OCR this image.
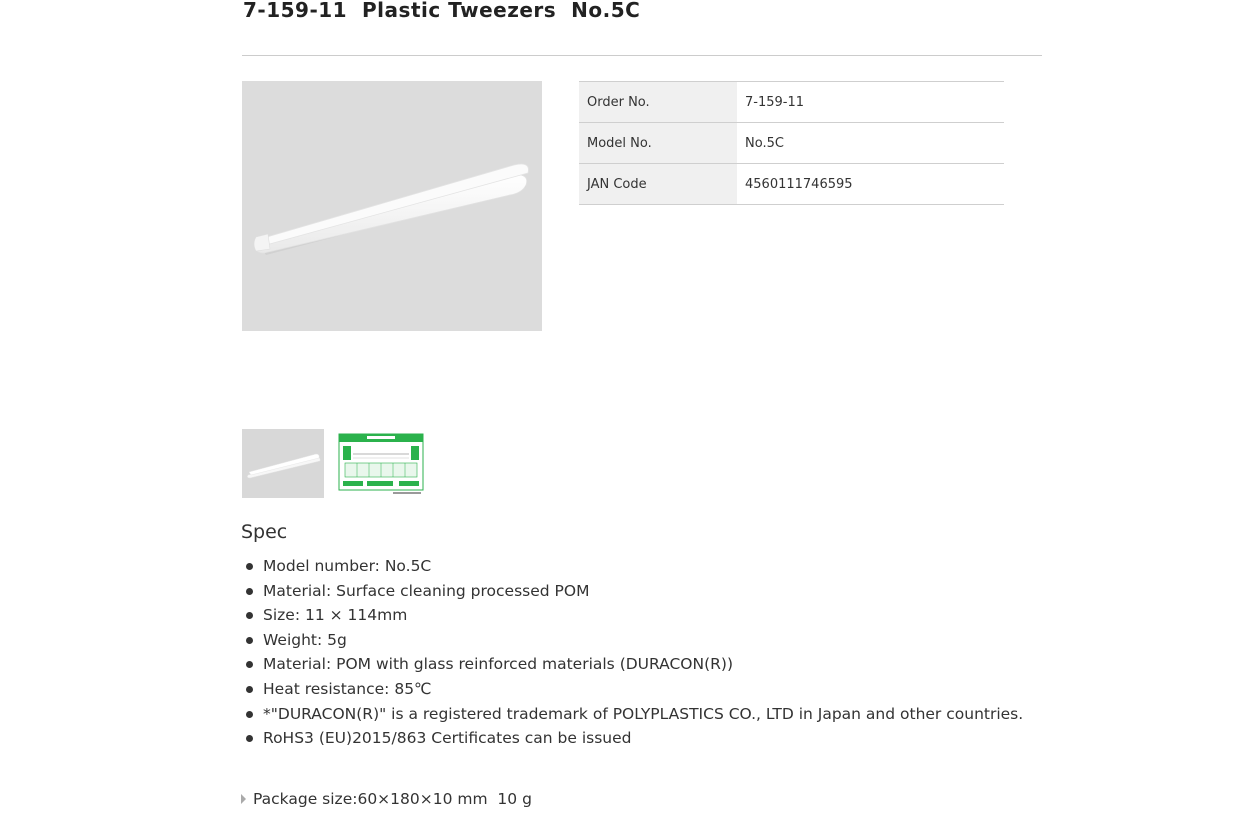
7-159-11  Plastic Tweezers  No.5C
Order No.	7-159-11
Model No.	No.5C
JAN Code	4560111746595
Spec
Model number: No.5C
Material: Surface cleaning processed POM
Size: 11 × 114mm
Weight: 5g
Material: POM with glass reinforced materials (DURACON(R))
Heat resistance: 85℃
*"DURACON(R)" is a registered trademark of POLYPLASTICS CO., LTD in Japan and other countries.
RoHS3 (EU)2015/863 Certificates can be issued
Package size:60×180×10 mm  10 g
